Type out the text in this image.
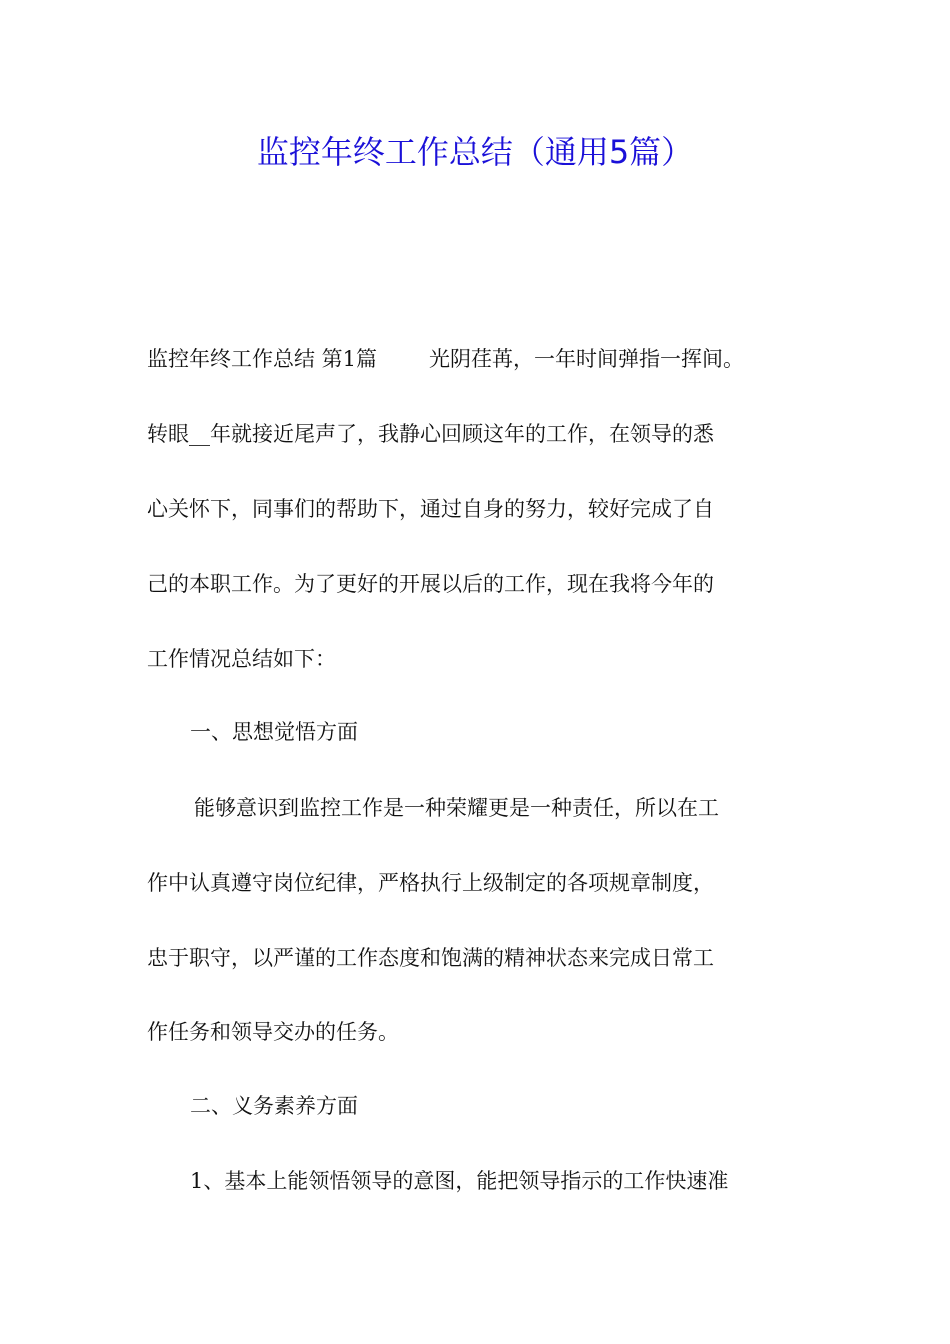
监控年终工作总结（通用5篇）
监控年终工作总结 第1篇 光阴荏苒，一年时间弹指一挥间。
转眼__年就接近尾声了，我静心回顾这年的工作，在领导的悉
心关怀下，同事们的帮助下，通过自身的努力，较好完成了自
己的本职工作。为了更好的开展以后的工作，现在我将今年的
工作情况总结如下：
一、思想觉悟方面
能够意识到监控工作是一种荣耀更是一种责任，所以在工
作中认真遵守岗位纪律，严格执行上级制定的各项规章制度，
忠于职守，以严谨的工作态度和饱满的精神状态来完成日常工
作任务和领导交办的任务。
二、义务素养方面
1、基本上能领悟领导的意图，能把领导指示的工作快速准
